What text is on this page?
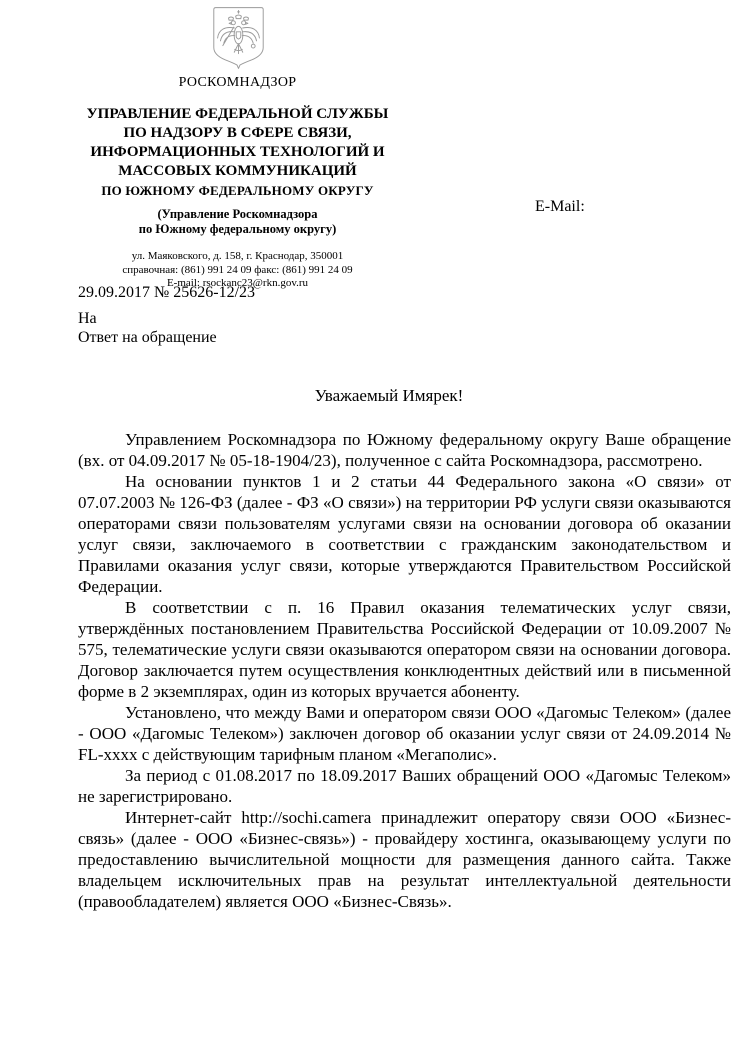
РОСКОМНАДЗОР
УПРАВЛЕНИЕ ФЕДЕРАЛЬНОЙ СЛУЖБЫ
ПО НАДЗОРУ В СФЕРЕ СВЯЗИ,
ИНФОРМАЦИОННЫХ ТЕХНОЛОГИЙ И
МАССОВЫХ КОММУНИКАЦИЙ
ПО ЮЖНОМУ ФЕДЕРАЛЬНОМУ ОКРУГУ
(Управление Роскомнадзора
по Южному федеральному округу)
ул. Маяковского, д. 158, г. Краснодар, 350001
справочная: (861) 991 24 09 факс: (861) 991 24 09
E-mail: rsockanc23@rkn.gov.ru
E-Mail:
29.09.2017 № 25626-12/23
На
Ответ на обращение
Уважаемый Имярек!

Управлением Роскомнадзора по Южному федеральному округу Ваше обращение (вх. от 04.09.2017 № 05-18-1904/23), полученное с сайта Роскомнадзора, рассмотрено.

На основании пунктов 1 и 2 статьи 44 Федерального закона «О связи» от 07.07.2003 № 126-ФЗ (далее - ФЗ «О связи») на территории РФ услуги связи оказываются операторами связи пользователям услугами связи на основании договора об оказании услуг связи, заключаемого в соответствии с гражданским законодательством и Правилами оказания услуг связи, которые утверждаются Правительством Российской Федерации.

В соответствии с п. 16 Правил оказания телематических услуг связи, утверждённых постановлением Правительства Российской Федерации от 10.09.2007 № 575, телематические услуги связи оказываются оператором связи на основании договора. Договор заключается путем осуществления конклюдентных действий или в письменной форме в 2 экземплярах, один из которых вручается абоненту.

Установлено, что между Вами и оператором связи ООО «Дагомыс Телеком» (далее - ООО «Дагомыс Телеком») заключен договор об оказании услуг связи от 24.09.2014 № FL-xxxx с действующим тарифным планом «Мегаполис».

За период с 01.08.2017 по 18.09.2017 Ваших обращений ООО «Дагомыс Телеком» не зарегистрировано.

Интернет-сайт http://sochi.camera принадлежит оператору связи ООО «Бизнес-связь» (далее - ООО «Бизнес-связь») - провайдеру хостинга, оказывающему услуги по предоставлению вычислительной мощности для размещения данного сайта. Также владельцем исключительных прав на результат интеллектуальной деятельности (правообладателем) является ООО «Бизнес-Связь».
